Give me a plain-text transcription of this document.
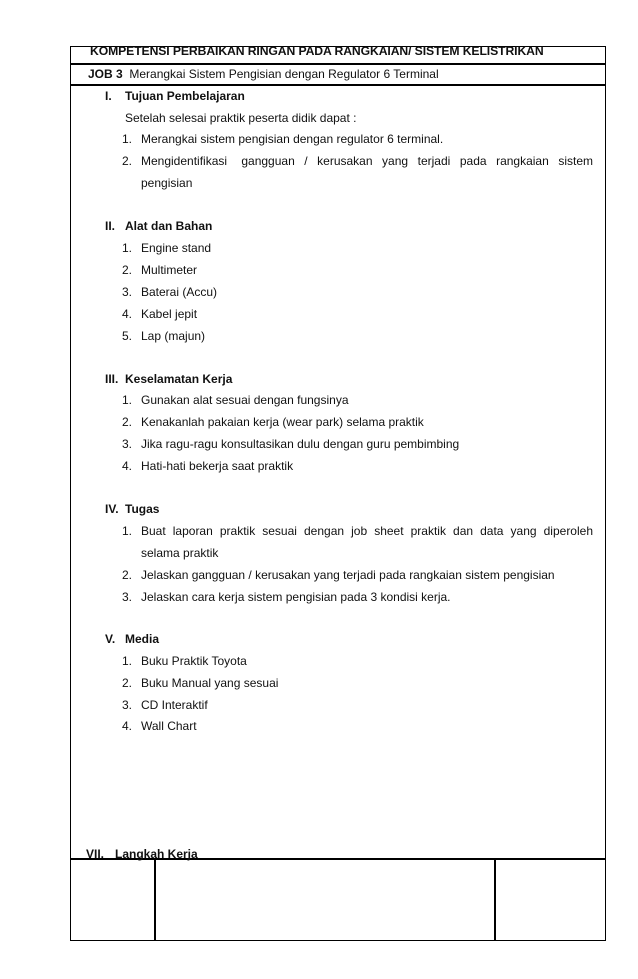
KOMPETENSI PERBAIKAN RINGAN PADA RANGKAIAN/ SISTEM KELISTRIKAN
JOB 3 Merangkai Sistem Pengisian dengan Regulator 6 Terminal
I. Tujuan Pembelajaran
Setelah selesai praktik peserta didik dapat :
1. Merangkai sistem pengisian dengan regulator 6 terminal.
2. Mengidentifikasi   gangguan  /  kerusakan  yang  terjadi  pada  rangkaian  sistem
pengisian
II. Alat dan Bahan
1. Engine stand
2. Multimeter
3. Baterai (Accu)
4. Kabel jepit
5. Lap (majun)
III. Keselamatan Kerja
1. Gunakan alat sesuai dengan fungsinya
2. Kenakanlah pakaian kerja (wear park) selama praktik
3. Jika ragu-ragu konsultasikan dulu dengan guru pembimbing
4. Hati-hati bekerja saat praktik
IV. Tugas
1. Buat  laporan  praktik  sesuai  dengan  job  sheet  praktik  dan  data  yang  diperoleh
selama praktik
2. Jelaskan gangguan / kerusakan yang terjadi pada rangkaian sistem pengisian
3. Jelaskan cara kerja sistem pengisian pada 3 kondisi kerja.
V. Media
1. Buku Praktik Toyota
2. Buku Manual yang sesuai
3. CD Interaktif
4. Wall Chart
VII. Langkah Kerja
